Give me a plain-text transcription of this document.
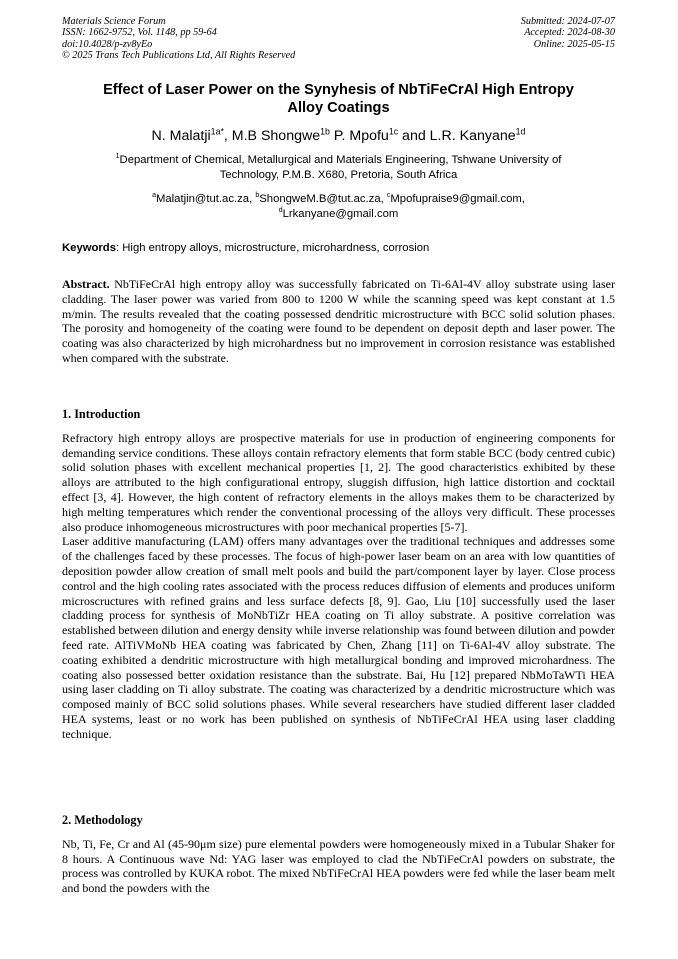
Materials Science Forum
ISSN: 1662-9752, Vol. 1148, pp 59-64
doi:10.4028/p-zv8yEo
© 2025 Trans Tech Publications Ltd, All Rights Reserved
Submitted: 2024-07-07
Accepted: 2024-08-30
Online: 2025-05-15
Effect of Laser Power on the Synyhesis of NbTiFeCrAl High Entropy
Alloy Coatings
N. Malatji$^{1a*}$, M.B Shongwe$^{1b}$ P. Mpofu$^{1c}$ and L.R. Kanyane$^{1d}$
$^1$Department of Chemical, Metallurgical and Materials Engineering, Tshwane University of
Technology, P.M.B. X680, Pretoria, South Africa
$^a$Malatjin@tut.ac.za, $^b$ShongweM.B@tut.ac.za, $^c$Mpofupraise9@gmail.com,
$^d$Lrkanyane@gmail.com
Keywords: High entropy alloys, microstructure, microhardness, corrosion

Abstract. NbTiFeCrAl high entropy alloy was successfully fabricated on Ti-6Al-4V alloy substrate using laser cladding. The laser power was varied from 800 to 1200 W while the scanning speed was kept constant at 1.5 m/min. The results revealed that the coating possessed dendritic microstructure with BCC solid solution phases. The porosity and homogeneity of the coating were found to be dependent on deposit depth and laser power. The coating was also characterized by high microhardness but no improvement in corrosion resistance was established when compared with the substrate.

1. Introduction

Refractory high entropy alloys are prospective materials for use in production of engineering components for demanding service conditions. These alloys contain refractory elements that form stable BCC (body centred cubic) solid solution phases with excellent mechanical properties [1, 2]. The good characteristics exhibited by these alloys are attributed to the high configurational entropy, sluggish diffusion, high lattice distortion and cocktail effect [3, 4]. However, the high content of refractory elements in the alloys makes them to be characterized by high melting temperatures which render the conventional processing of the alloys very difficult. These processes also produce inhomogeneous microstructures with poor mechanical properties [5-7].

Laser additive manufacturing (LAM) offers many advantages over the traditional techniques and addresses some of the challenges faced by these processes. The focus of high-power laser beam on an area with low quantities of deposition powder allow creation of small melt pools and build the part/component layer by layer. Close process control and the high cooling rates associated with the process reduces diffusion of elements and produces uniform microscructures with refined grains and less surface defects [8, 9]. Gao, Liu [10] successfully used the laser cladding process for synthesis of MoNbTiZr HEA coating on Ti alloy substrate. A positive correlation was established between dilution and energy density while inverse relationship was found between dilution and powder feed rate. AlTiVMoNb HEA coating was fabricated by Chen, Zhang [11] on Ti-6Al-4V alloy substrate. The coating exhibited a dendritic microstructure with high metallurgical bonding and improved microhardness. The coating also possessed better oxidation resistance than the substrate. Bai, Hu [12] prepared NbMoTaWTi HEA using laser cladding on Ti alloy substrate. The coating was characterized by a dendritic microstructure which was composed mainly of BCC solid solutions phases. While several researchers have studied different laser cladded HEA systems, least or no work has been published on synthesis of NbTiFeCrAl HEA using laser cladding technique.

2. Methodology

Nb, Ti, Fe, Cr and Al (45-90μm size) pure elemental powders were homogeneously mixed in a Tubular Shaker for 8 hours. A Continuous wave Nd: YAG laser was employed to clad the NbTiFeCrAl powders on substrate, the process was controlled by KUKA robot. The mixed NbTiFeCrAl HEA powders were fed while the laser beam melt and bond the powders with the
